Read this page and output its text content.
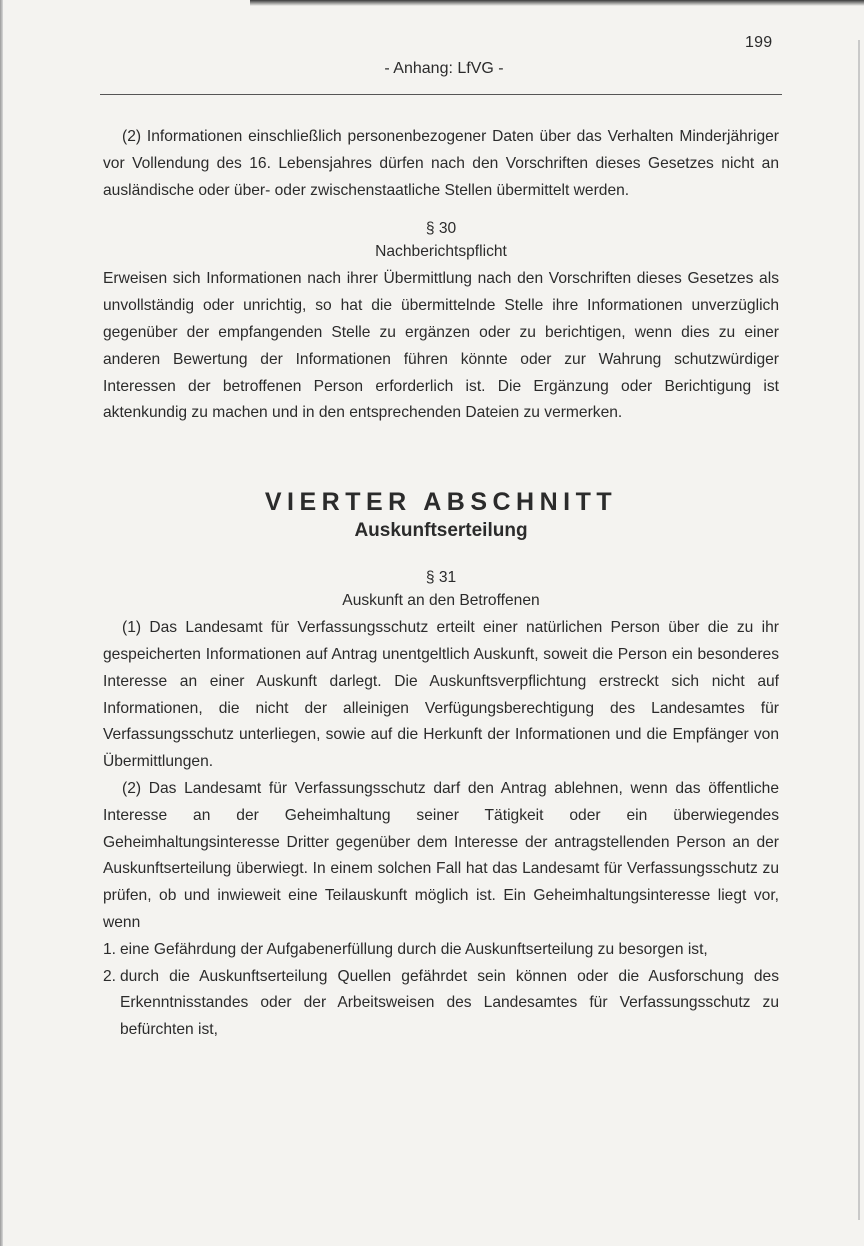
199
- Anhang: LfVG -

(2) Informationen einschließlich personenbezogener Daten über das Verhalten Minderjähriger vor Vollendung des 16. Lebensjahres dürfen nach den Vorschriften dieses Gesetzes nicht an ausländische oder über- oder zwischenstaatliche Stellen übermittelt werden.

§ 30
Nachberichtspflicht

Erweisen sich Informationen nach ihrer Übermittlung nach den Vorschriften dieses Gesetzes als unvollständig oder unrichtig, so hat die übermittelnde Stelle ihre Informationen unverzüglich gegenüber der empfangenden Stelle zu ergänzen oder zu berichtigen, wenn dies zu einer anderen Bewertung der Informationen führen könnte oder zur Wahrung schutzwürdiger Interessen der betroffenen Person erforderlich ist. Die Ergänzung oder Berichtigung ist aktenkundig zu machen und in den entsprechenden Dateien zu vermerken.

VIERTER ABSCHNITT
Auskunftserteilung
§ 31
Auskunft an den Betroffenen

(1) Das Landesamt für Verfassungsschutz erteilt einer natürlichen Person über die zu ihr gespeicherten Informationen auf Antrag unentgeltlich Auskunft, soweit die Person ein besonderes Interesse an einer Auskunft darlegt. Die Auskunftsverpflichtung erstreckt sich nicht auf Informationen, die nicht der alleinigen Verfügungsberechtigung des Landesamtes für Verfassungsschutz unterliegen, sowie auf die Herkunft der Informationen und die Empfänger von Übermittlungen.

(2) Das Landesamt für Verfassungsschutz darf den Antrag ablehnen, wenn das öffentliche Interesse an der Geheimhaltung seiner Tätigkeit oder ein überwiegendes Geheimhaltungsinteresse Dritter gegenüber dem Interesse der antragstellenden Person an der Auskunftserteilung überwiegt. In einem solchen Fall hat das Landesamt für Verfassungsschutz zu prüfen, ob und inwieweit eine Teilauskunft möglich ist. Ein Geheimhaltungsinteresse liegt vor, wenn

1. eine Gefährdung der Aufgabenerfüllung durch die Auskunftserteilung zu besorgen ist,
2. durch die Auskunftserteilung Quellen gefährdet sein können oder die Ausforschung des Erkenntnisstandes oder der Arbeitsweisen des Landesamtes für Verfassungsschutz zu befürchten ist,
